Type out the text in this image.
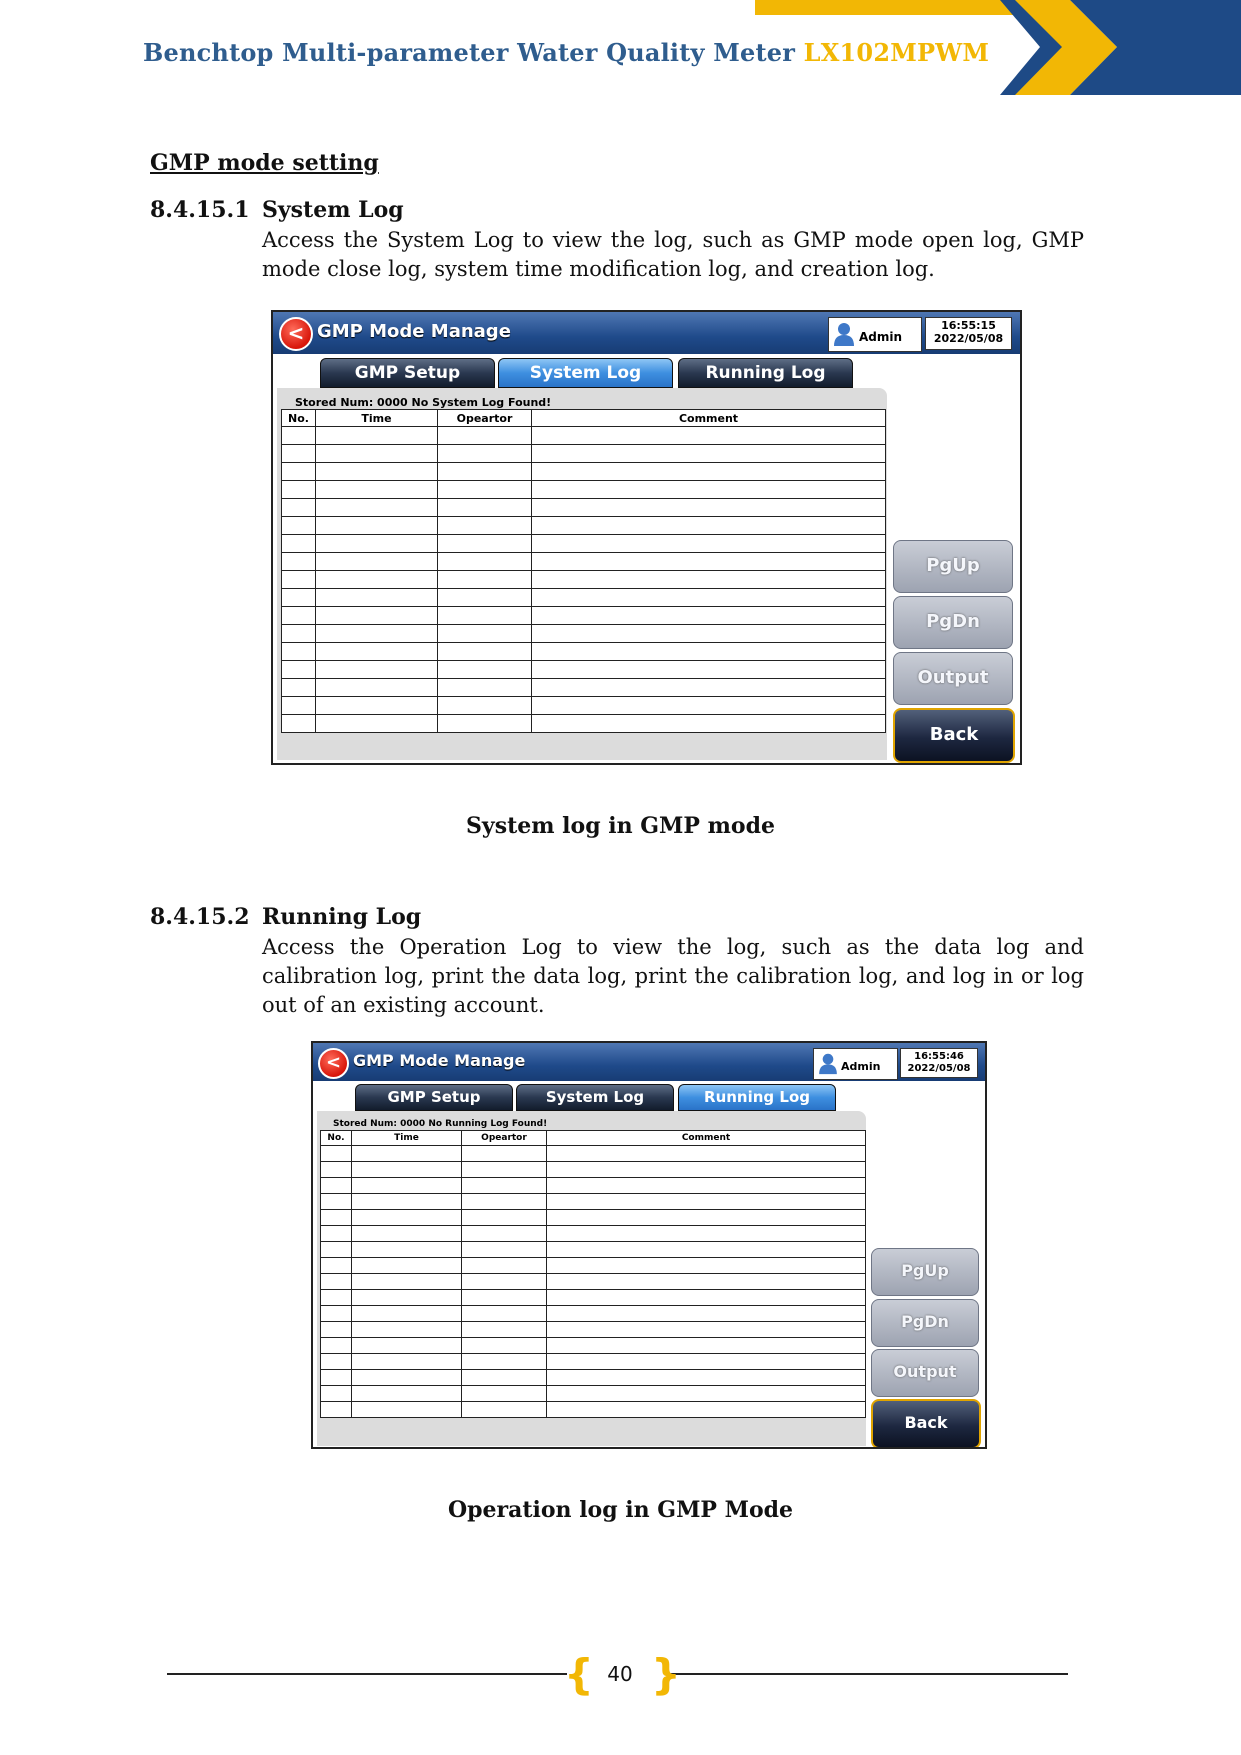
Benchtop Multi-parameter Water Quality Meter LX102MPWM
GMP mode setting
8.4.15.1 System Log
Access the System Log to view the log, such as GMP mode open log, GMP mode close log, system time modification log, and creation log.
< GMP Mode Manage	Admin
16:55:15
2022/05/08
GMP Setup	System Log	Running Log
Stored Num: 0000 No System Log Found!
No.	Time	Opeartor	Comment

PgUp
PgDn
Output
Back
System log in GMP mode
8.4.15.2 Running Log
Access the Operation Log to view the log, such as the data log and calibration log, print the data log, print the calibration log, and log in or log out of an existing account.
< GMP Mode Manage	Admin
16:55:46
2022/05/08
GMP Setup	System Log	Running Log
Stored Num: 0000 No Running Log Found!
No.	Time	Opeartor	Comment

PgUp
PgDn
Output
Back
Operation log in GMP Mode
{ }
40
